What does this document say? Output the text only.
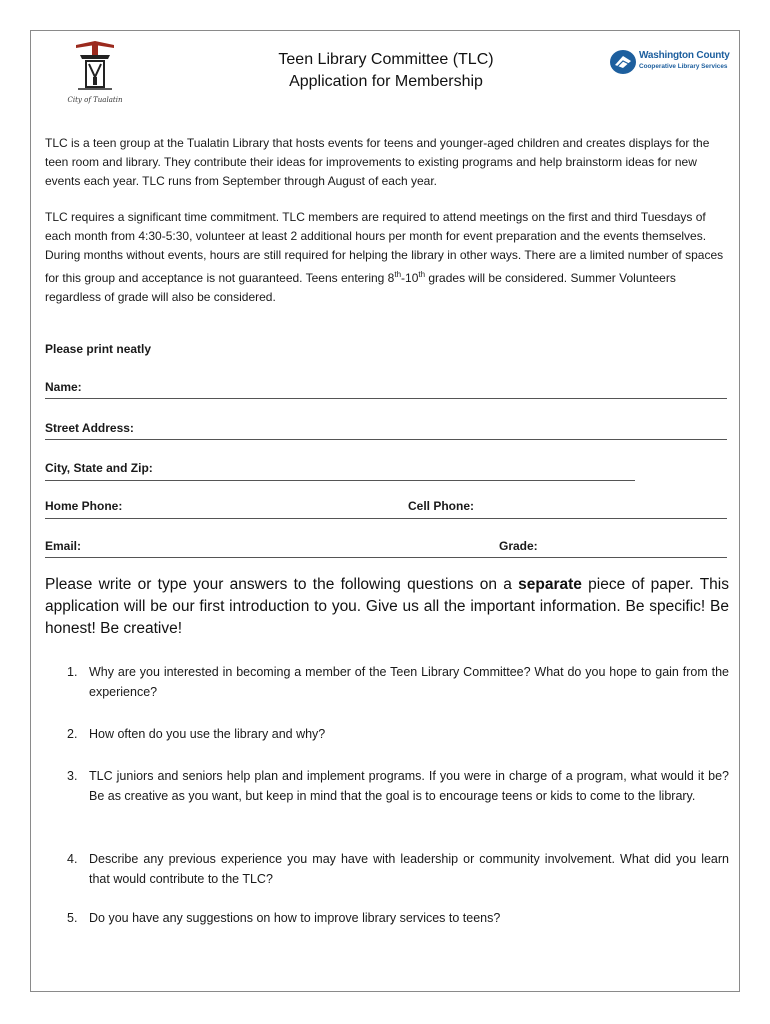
City of Tualatin
Teen Library Committee (TLC)
Application for Membership
Washington County
Cooperative Library Services
TLC is a teen group at the Tualatin Library that hosts events for teens and younger-aged children and creates displays for the teen room and library. They contribute their ideas for improvements to existing programs and help brainstorm ideas for new events each year. TLC runs from September through August of each year.
TLC requires a significant time commitment. TLC members are required to attend meetings on the first and third Tuesdays of each month from 4:30-5:30, volunteer at least 2 additional hours per month for event preparation and the events themselves. During months without events, hours are still required for helping the library in other ways. There are a limited number of spaces for this group and acceptance is not guaranteed. Teens entering 8th-10th grades will be considered. Summer Volunteers regardless of grade will also be considered.
Please print neatly
Name:
Street Address:
City, State and Zip:
Home Phone:	Cell Phone:
Email:	Grade:
Please write or type your answers to the following questions on a separate piece of paper. This application will be our first introduction to you. Give us all the important information. Be specific! Be honest! Be creative!
1. Why are you interested in becoming a member of the Teen Library Committee? What do you hope to gain from the experience?
2. How often do you use the library and why?
3. TLC juniors and seniors help plan and implement programs. If you were in charge of a program, what would it be? Be as creative as you want, but keep in mind that the goal is to encourage teens or kids to come to the library.
4. Describe any previous experience you may have with leadership or community involvement. What did you learn that would contribute to the TLC?
5. Do you have any suggestions on how to improve library services to teens?
